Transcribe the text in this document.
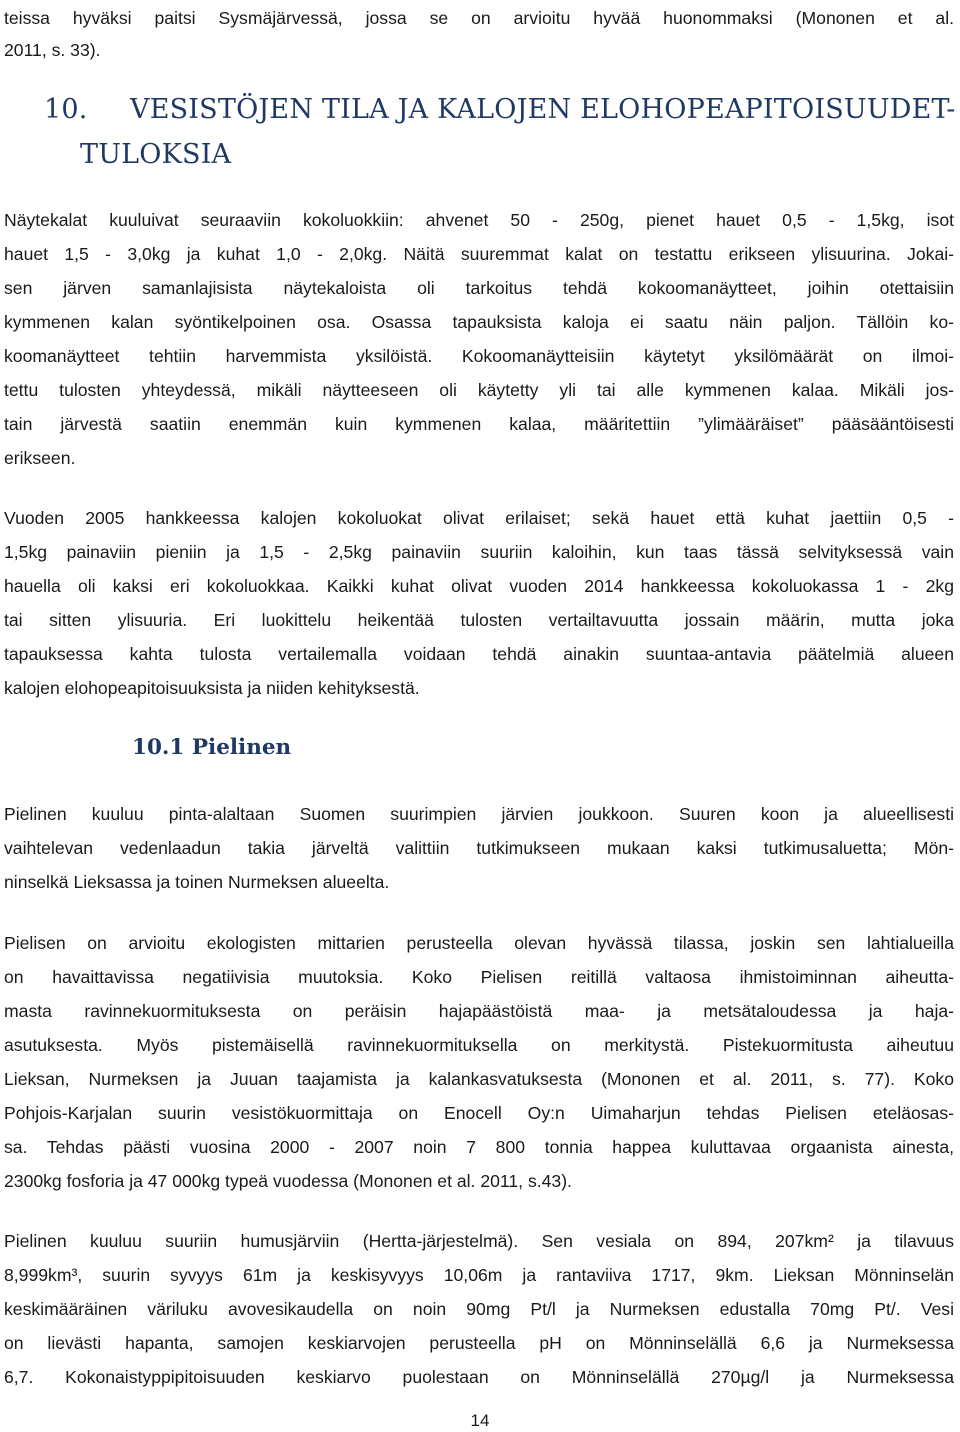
teissa hyväksi paitsi Sysmäjärvessä, jossa se on arvioitu hyvää huonommaksi (Mononen et al.
2011, s. 33).
10. VESISTÖJEN TILA JA KALOJEN ELOHOPEAPITOISUUDET-
TULOKSIA
Näytekalat kuuluivat seuraaviin kokoluokkiin: ahvenet 50 - 250g, pienet hauet 0,5 - 1,5kg, isot
hauet 1,5 - 3,0kg ja kuhat 1,0 - 2,0kg. Näitä suuremmat kalat on testattu erikseen ylisuurina. Jokai-
sen järven samanlajisista näytekaloista oli tarkoitus tehdä kokoomanäytteet, joihin otettaisiin
kymmenen kalan syöntikelpoinen osa. Osassa tapauksista kaloja ei saatu näin paljon. Tällöin ko-
koomanäytteet tehtiin harvemmista yksilöistä. Kokoomanäytteisiin käytetyt yksilömäärät on ilmoi-
tettu tulosten yhteydessä, mikäli näytteeseen oli käytetty yli tai alle kymmenen kalaa. Mikäli jos-
tain järvestä saatiin enemmän kuin kymmenen kalaa, määritettiin ”ylimääräiset” pääsääntöisesti
erikseen.
Vuoden 2005 hankkeessa kalojen kokoluokat olivat erilaiset; sekä hauet että kuhat jaettiin 0,5 -
1,5kg painaviin pieniin ja 1,5 - 2,5kg painaviin suuriin kaloihin, kun taas tässä selvityksessä vain
hauella oli kaksi eri kokoluokkaa. Kaikki kuhat olivat vuoden 2014 hankkeessa kokoluokassa 1 - 2kg
tai sitten ylisuuria. Eri luokittelu heikentää tulosten vertailtavuutta jossain määrin, mutta joka
tapauksessa kahta tulosta vertailemalla voidaan tehdä ainakin suuntaa-antavia päätelmiä alueen
kalojen elohopeapitoisuuksista ja niiden kehityksestä.
10.1 Pielinen
Pielinen kuuluu pinta-alaltaan Suomen suurimpien järvien joukkoon. Suuren koon ja alueellisesti
vaihtelevan vedenlaadun takia järveltä valittiin tutkimukseen mukaan kaksi tutkimusaluetta; Mön-
ninselkä Lieksassa ja toinen Nurmeksen alueelta.
Pielisen on arvioitu ekologisten mittarien perusteella olevan hyvässä tilassa, joskin sen lahtialueilla
on havaittavissa negatiivisia muutoksia. Koko Pielisen reitillä valtaosa ihmistoiminnan aiheutta-
masta ravinnekuormituksesta on peräisin hajapäästöistä maa- ja metsätaloudessa ja haja-
asutuksesta. Myös pistemäisellä ravinnekuormituksella on merkitystä. Pistekuormitusta aiheutuu
Lieksan, Nurmeksen ja Juuan taajamista ja kalankasvatuksesta (Mononen et al. 2011, s. 77). Koko
Pohjois-Karjalan suurin vesistökuormittaja on Enocell Oy:n Uimaharjun tehdas Pielisen eteläosas-
sa. Tehdas päästi vuosina 2000 - 2007 noin 7 800 tonnia happea kuluttavaa orgaanista ainesta,
2300kg fosforia ja 47 000kg typeä vuodessa (Mononen et al. 2011, s.43).
Pielinen kuuluu suuriin humusjärviin (Hertta-järjestelmä). Sen vesiala on 894, 207km² ja tilavuus
8,999km³, suurin syvyys 61m ja keskisyvyys 10,06m ja rantaviiva 1717, 9km. Lieksan Mönninselän
keskimääräinen väriluku avovesikaudella on noin 90mg Pt/l ja Nurmeksen edustalla 70mg Pt/. Vesi
on lievästi hapanta, samojen keskiarvojen perusteella pH on Mönninselällä 6,6 ja Nurmeksessa
6,7. Kokonaistyppipitoisuuden keskiarvo puolestaan on Mönninselällä 270µg/l ja Nurmeksessa
14
